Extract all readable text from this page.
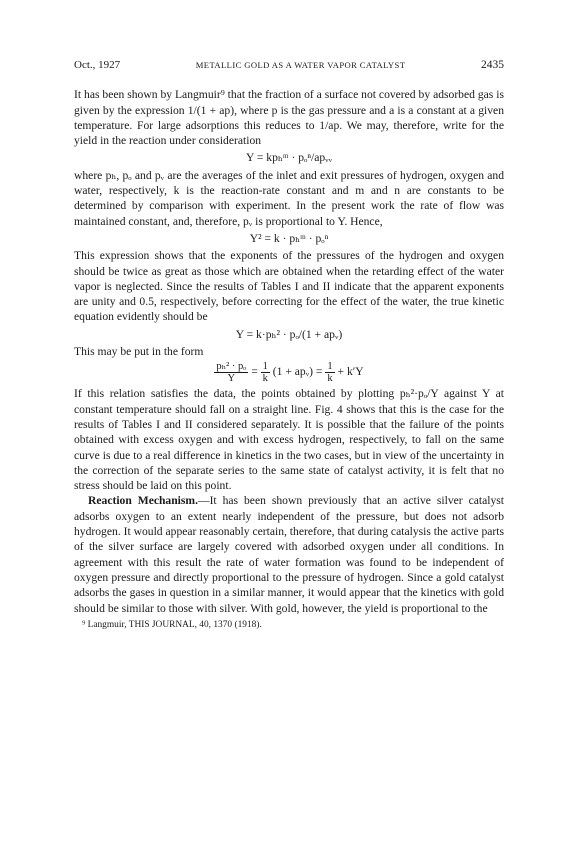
Oct., 1927	METALLIC GOLD AS A WATER VAPOR CATALYST	2435

It has been shown by Langmuir⁹ that the fraction of a surface not covered by adsorbed gas is given by the expression 1/(1 + ap), where p is the gas pressure and a is a constant at a given temperature. For large adsorptions this reduces to 1/ap. We may, therefore, write for the yield in the reaction under consideration

Y = kpₕᵐ · pₒⁿ/apᵥᵥ

where pₕ, pₒ and pᵥ are the averages of the inlet and exit pressures of hydrogen, oxygen and water, respectively, k is the reaction-rate constant and m and n are constants to be determined by comparison with experiment. In the present work the rate of flow was maintained constant, and, therefore, pᵥ is proportional to Y. Hence,

Y² = k · pₕᵐ · pₒⁿ

This expression shows that the exponents of the pressures of the hydrogen and oxygen should be twice as great as those which are obtained when the retarding effect of the water vapor is neglected. Since the results of Tables I and II indicate that the apparent exponents are unity and 0.5, respectively, before correcting for the effect of the water, the true kinetic equation evidently should be

Y = k·pₕ² · pₒ/(1 + apᵥ)

This may be put in the form

$\frac{\text{pₕ² · pₒ}}{Y} = \frac{1}{k} (1$ + apᵥ) = $\frac{1}{k} + k'Y$

If this relation satisfies the data, the points obtained by plotting pₕ²·pₒ/Y against Y at constant temperature should fall on a straight line. Fig. 4 shows that this is the case for the results of Tables I and II considered separately. It is possible that the failure of the points obtained with excess oxygen and with excess hydrogen, respectively, to fall on the same curve is due to a real difference in kinetics in the two cases, but in view of the uncertainty in the correction of the separate series to the same state of catalyst activity, it is felt that no stress should be laid on this point.

Reaction Mechanism.—It has been shown previously that an active silver catalyst adsorbs oxygen to an extent nearly independent of the pressure, but does not adsorb hydrogen. It would appear reasonably certain, therefore, that during catalysis the active parts of the silver surface are largely covered with adsorbed oxygen under all conditions. In agreement with this result the rate of water formation was found to be independent of oxygen pressure and directly proportional to the pressure of hydrogen. Since a gold catalyst adsorbs the gases in question in a similar manner, it would appear that the kinetics with gold should be similar to those with silver. With gold, however, the yield is proportional to the

⁹ Langmuir, THIS JOURNAL, 40, 1370 (1918).
